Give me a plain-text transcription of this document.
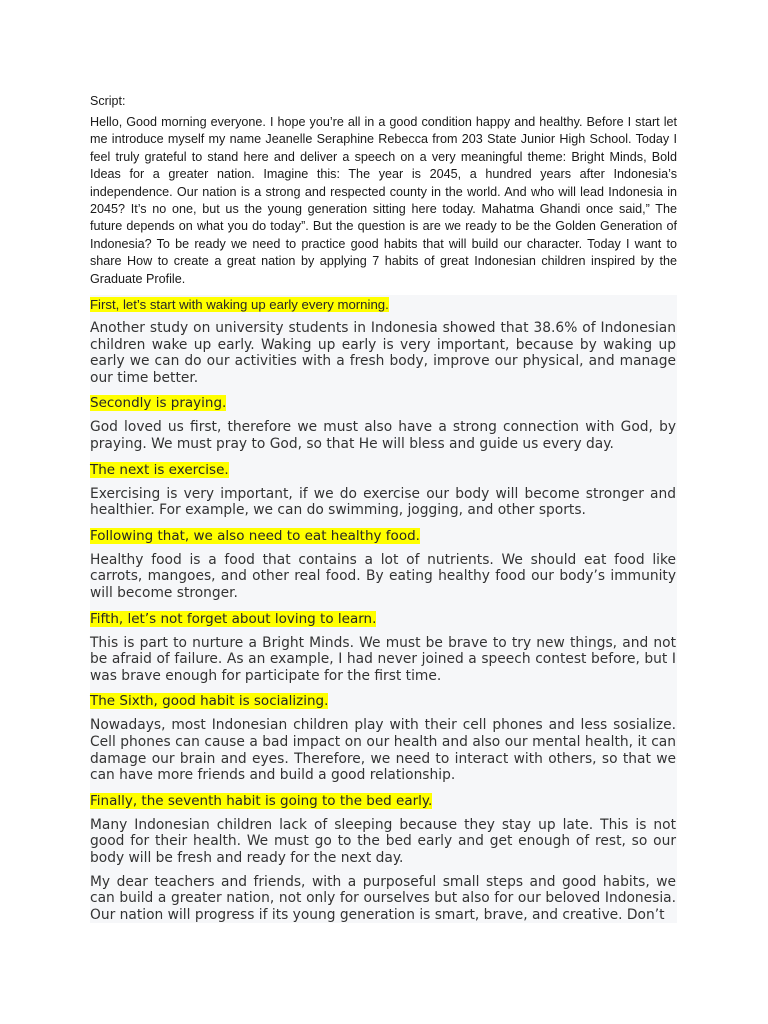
Script:

Hello, Good morning everyone. I hope you’re all in a good condition happy and healthy. Before I start let me introduce myself my name Jeanelle Seraphine Rebecca from 203 State Junior High School. Today I feel truly grateful to stand here and deliver a speech on a very meaningful theme: Bright Minds, Bold Ideas for a greater nation. Imagine this: The year is 2045, a hundred years after Indonesia’s independence. Our nation is a strong and respected county in the world. And who will lead Indonesia in 2045? It’s no one, but us the young generation sitting here today. Mahatma Ghandi once said,” The future depends on what you do today”. But the question is are we ready to be the Golden Generation of Indonesia? To be ready we need to practice good habits that will build our character. Today I want to share How to create a great nation by applying 7 habits of great Indonesian children inspired by the Graduate Profile.

First, let’s start with waking up early every morning.

Another study on university students in Indonesia showed that 38.6% of Indonesian children wake up early. Waking up early is very important, because by waking up early we can do our activities with a fresh body, improve our physical, and manage our time better.

Secondly is praying.

God loved us first, therefore we must also have a strong connection with God, by praying. We must pray to God, so that He will bless and guide us every day.

The next is exercise.

Exercising is very important, if we do exercise our body will become stronger and healthier. For example, we can do swimming, jogging, and other sports.

Following that, we also need to eat healthy food.

Healthy food is a food that contains a lot of nutrients. We should eat food like carrots, mangoes, and other real food. By eating healthy food our body’s immunity will become stronger.

Fifth, let’s not forget about loving to learn.

This is part to nurture a Bright Minds. We must be brave to try new things, and not be afraid of failure. As an example, I had never joined a speech contest before, but I was brave enough for participate for the first time.

The Sixth, good habit is socializing.

Nowadays, most Indonesian children play with their cell phones and less sosialize. Cell phones can cause a bad impact on our health and also our mental health, it can damage our brain and eyes. Therefore, we need to interact with others, so that we can have more friends and build a good relationship.

Finally, the seventh habit is going to the bed early.

Many Indonesian children lack of sleeping because they stay up late. This is not good for their health. We must go to the bed early and get enough of rest, so our body will be fresh and ready for the next day.

My dear teachers and friends, with a purposeful small steps and good habits, we can build a greater nation, not only for ourselves but also for our beloved Indonesia. Our nation will progress if its young generation is smart, brave, and creative. Don’t
